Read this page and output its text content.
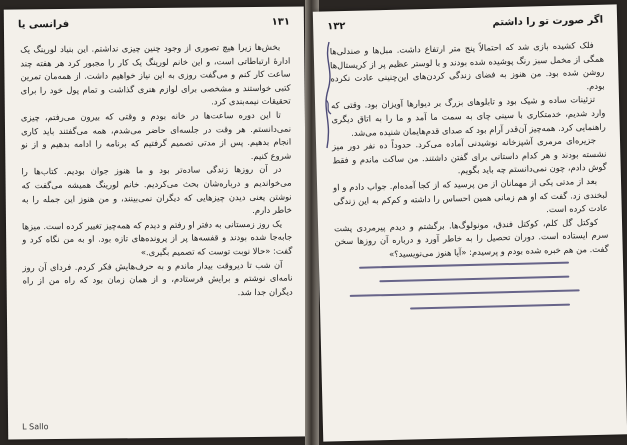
فرانسی یا	۱۳۱

بخش‌ها زیرا هیچ تصوری از وجود چنین چیزی نداشتم. این بنیاد لورینگ یک ادارهٔ ارتباطاتی است، و این خانم لورینگ یک کار را مجبور کرد هر هفته چند ساعت کار کنم و می‌گفت روزی به این نیاز خواهیم داشت. از همه‌مان تمرین کتبی خواستند و مشخصی برای لوازم هنری گذاشت و تمام پول خود را برای تحقیقات نیمه‌بندی کرد.

تا این دوره ساعت‌ها در خانه بودم و وقتی که بیرون می‌رفتم، چیزی نمی‌دانستم. هر وقت در جلسه‌ای حاضر می‌شدم، همه می‌گفتند باید کاری انجام بدهیم. پس از مدتی تصمیم گرفتیم که برنامه را ادامه بدهیم و از نو شروع کنیم.

در آن روزها زندگی ساده‌تر بود و ما هنوز جوان بودیم. کتاب‌ها را می‌خواندیم و درباره‌شان بحث می‌کردیم. خانم لورینگ همیشه می‌گفت که نوشتن یعنی دیدن چیزهایی که دیگران نمی‌بینند، و من هنوز این جمله را به خاطر دارم.

یک روز زمستانی به دفتر او رفتم و دیدم که همه‌چیز تغییر کرده است. میزها جابه‌جا شده بودند و قفسه‌ها پر از پرونده‌های تازه بود. او به من نگاه کرد و گفت: «حالا نوبت توست که تصمیم بگیری.»

آن شب تا دیروقت بیدار ماندم و به حرف‌هایش فکر کردم. فردای آن روز نامه‌ای نوشتم و برایش فرستادم، و از همان زمان بود که راه من از راه دیگران جدا شد.

L Sallo
اگر صورت تو را داشتم
۱۳۲

فلک کشیده بازی شد که احتمالاً پنج متر ارتفاع داشت. مبل‌ها و صندلی‌ها همگی از مخمل سبز رنگ پوشیده شده بودند و با لوستر عظیم پر از کریستال‌ها روشن شده بود. من هنوز به فضای زندگی کردن‌های این‌چنینی عادت نکرده بودم.

تزئینات ساده و شیک بود و تابلوهای بزرگ بر دیوارها آویزان بود. وقتی که وارد شدیم، خدمتکاری با سینی چای به سمت ما آمد و ما را به اتاق دیگری راهنمایی کرد. همه‌چیز آن‌قدر آرام بود که صدای قدم‌هایمان شنیده می‌شد.

جزیره‌ای مرمری آشپزخانه نوشیدنی آماده می‌کرد. حدوداً ده نفر دور میز نشسته بودند و هر کدام داستانی برای گفتن داشتند. من ساکت ماندم و فقط گوش دادم، چون نمی‌دانستم چه باید بگویم.

بعد از مدتی یکی از مهمانان از من پرسید که از کجا آمده‌ام. جواب دادم و او لبخندی زد. گفت که او هم زمانی همین احساس را داشته و کم‌کم به این زندگی عادت کرده است.

کوکتل گل کلم، کوکتل فندق، مونولوگ‌ها. برگشتم و دیدم پیرمردی پشت سرم ایستاده است. دوران تحصیل را به خاطر آورد و درباره آن روزها سخن گفت. من هم خبره شده بودم و پرسیدم: «آیا هنوز می‌نویسید؟»
